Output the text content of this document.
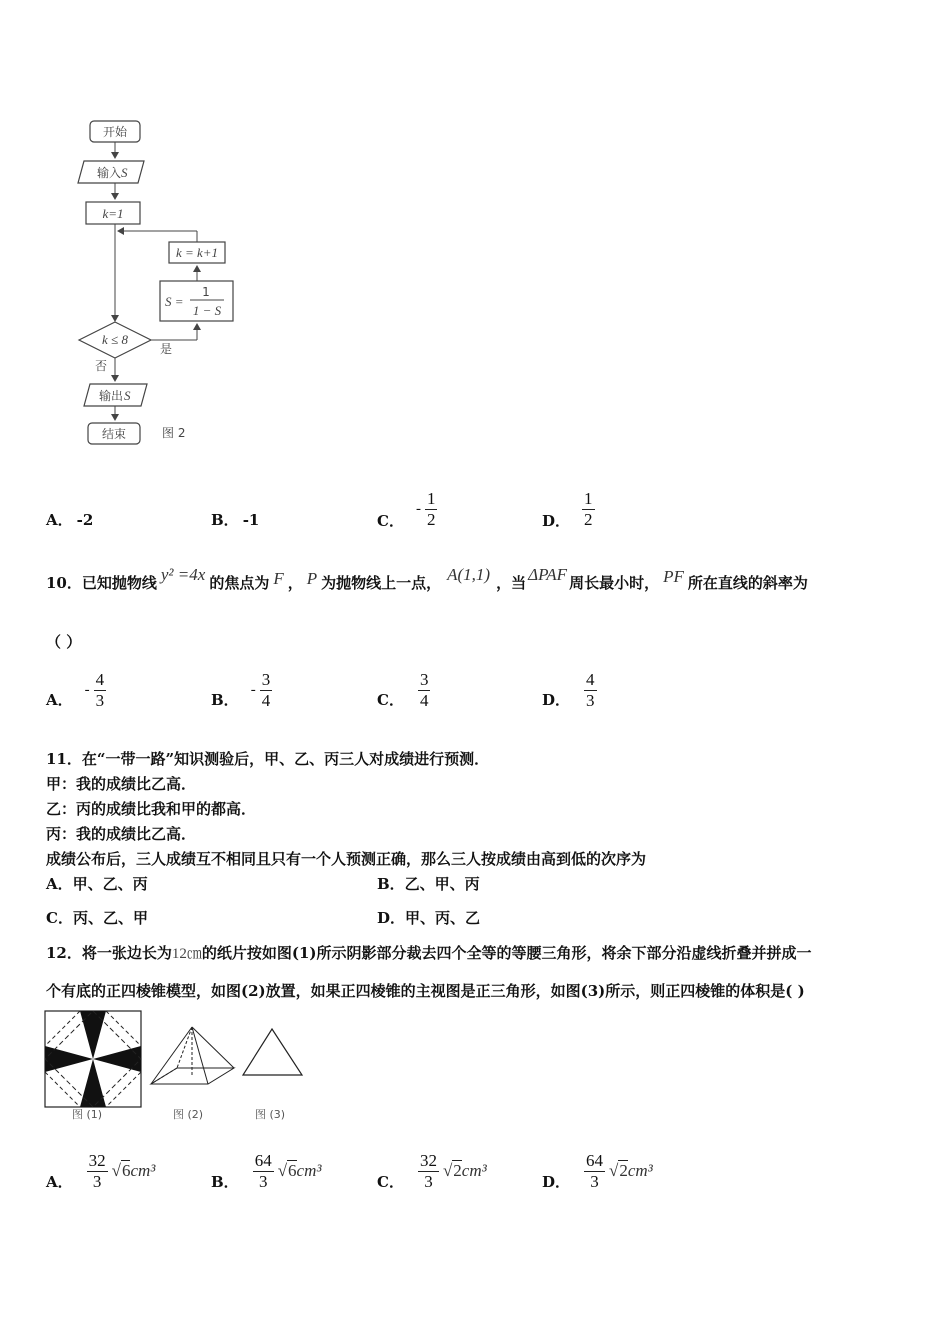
开始
输入 S
k=1
k ≤ 8
是
S =
1
1 − S
k = k+1
否
输出 S
结束	图 2
A． -2	B． -1	C．
- $\frac{1}{2}$	D． $\frac{1}{2}$
10．已知抛物线 y² =4x 的焦点为 F ， P 为抛物线上一点， A(1,1) ，当 ΔPAF 周长最小时， PF 所在直线的斜率为
（ ）
A．
- $\frac{4}{3}$	B．
- $\frac{3}{4}$	C． $\frac{3}{4}$	D． $\frac{4}{3}$
11．在“一带一路”知识测验后，甲、乙、丙三人对成绩进行预测．
甲：我的成绩比乙高．
乙：丙的成绩比我和甲的都高．
丙：我的成绩比乙高．
成绩公布后，三人成绩互不相同且只有一个人预测正确，那么三人按成绩由高到低的次序为
A．甲、乙、丙	B．乙、甲、丙
C．丙、乙、甲	D．甲、丙、乙
12．将一张边长为12㎝的纸片按如图(1)所示阴影部分裁去四个全等的等腰三角形，将余下部分沿虚线折叠并拼成一
个有底的正四棱锥模型，如图(2)放置，如果正四棱锥的主视图是正三角形，如图(3)所示，则正四棱锥的体积是( )
图 (1)	图 (2)	图 (3)
A． $\frac{32}{3} √6$ cm³
B． $\frac{64}{3} √6$ cm³
C． $\frac{32}{3} √2$ cm³
D． $\frac{64}{3} √2$ cm³
